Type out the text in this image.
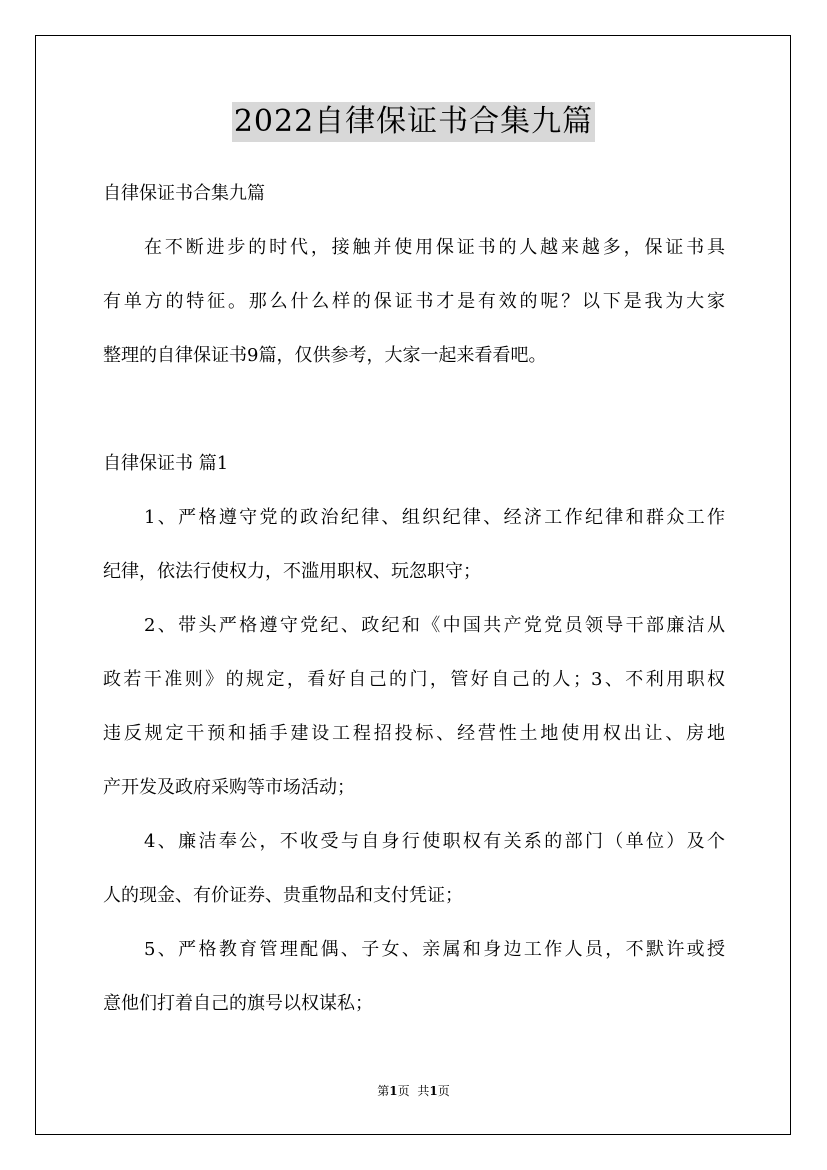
2022自律保证书合集九篇

自律保证书合集九篇

在不断进步的时代，接触并使用保证书的人越来越多，保证书具

有单方的特征。那么什么样的保证书才是有效的呢？以下是我为大家

整理的自律保证书9篇，仅供参考，大家一起来看看吧。

自律保证书 篇1

1、严格遵守党的政治纪律、组织纪律、经济工作纪律和群众工作

纪律，依法行使权力，不滥用职权、玩忽职守；

2、带头严格遵守党纪、政纪和《中国共产党党员领导干部廉洁从

政若干准则》的规定，看好自己的门，管好自己的人；3、不利用职权

违反规定干预和插手建设工程招投标、经营性土地使用权出让、房地

产开发及政府采购等市场活动；

4、廉洁奉公，不收受与自身行使职权有关系的部门（单位）及个

人的现金、有价证券、贵重物品和支付凭证；

5、严格教育管理配偶、子女、亲属和身边工作人员，不默许或授

意他们打着自己的旗号以权谋私；

第1页 共1页
